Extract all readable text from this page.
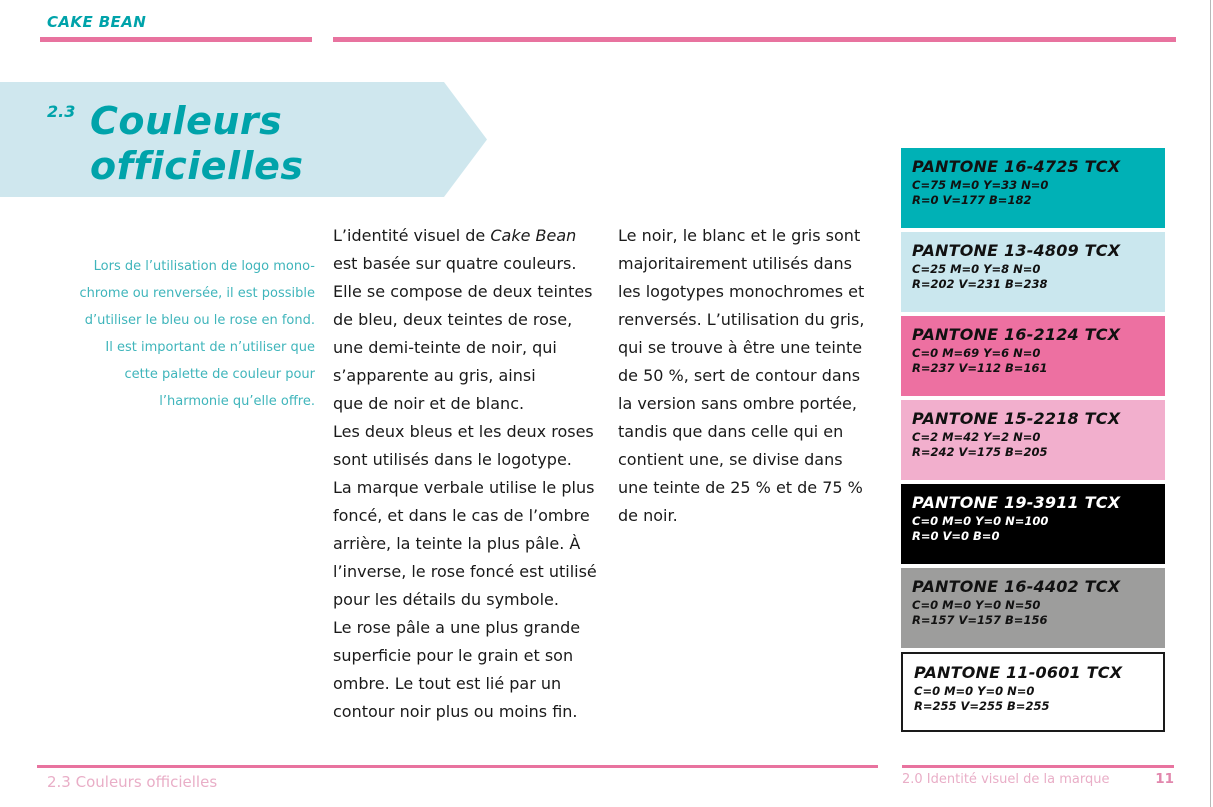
CAKE BEAN
2.3 Couleurs
officielles
Lors de l’utilisation de logo mono-
chrome ou renversée, il est possible
d’utiliser le bleu ou le rose en fond.
Il est important de n’utiliser que
cette palette de couleur pour
l’harmonie qu’elle offre.
L’identité visuel de Cake Bean
est basée sur quatre couleurs.
Elle se compose de deux teintes
de bleu, deux teintes de rose,
une demi-teinte de noir, qui
s’apparente au gris, ainsi
que de noir et de blanc.
Les deux bleus et les deux roses
sont utilisés dans le logotype.
La marque verbale utilise le plus
foncé, et dans le cas de l’ombre
arrière, la teinte la plus pâle. À
l’inverse, le rose foncé est utilisé
pour les détails du symbole.
Le rose pâle a une plus grande
superficie pour le grain et son
ombre. Le tout est lié par un
contour noir plus ou moins fin.
Le noir, le blanc et le gris sont
majoritairement utilisés dans
les logotypes monochromes et
renversés. L’utilisation du gris,
qui se trouve à être une teinte
de 50 %, sert de contour dans
la version sans ombre portée,
tandis que dans celle qui en
contient une, se divise dans
une teinte de 25 % et de 75 %
de noir.
PANTONE 16-4725 TCX
C=75 M=0 Y=33 N=0
R=0 V=177 B=182
PANTONE 13-4809 TCX
C=25 M=0 Y=8 N=0
R=202 V=231 B=238
PANTONE 16-2124 TCX
C=0 M=69 Y=6 N=0
R=237 V=112 B=161
PANTONE 15-2218 TCX
C=2 M=42 Y=2 N=0
R=242 V=175 B=205
PANTONE 19-3911 TCX
C=0 M=0 Y=0 N=100
R=0 V=0 B=0
PANTONE 16-4402 TCX
C=0 M=0 Y=0 N=50
R=157 V=157 B=156
PANTONE 11-0601 TCX
C=0 M=0 Y=0 N=0
R=255 V=255 B=255
2.3 Couleurs officielles	2.0 Identité visuel de la marque	11
